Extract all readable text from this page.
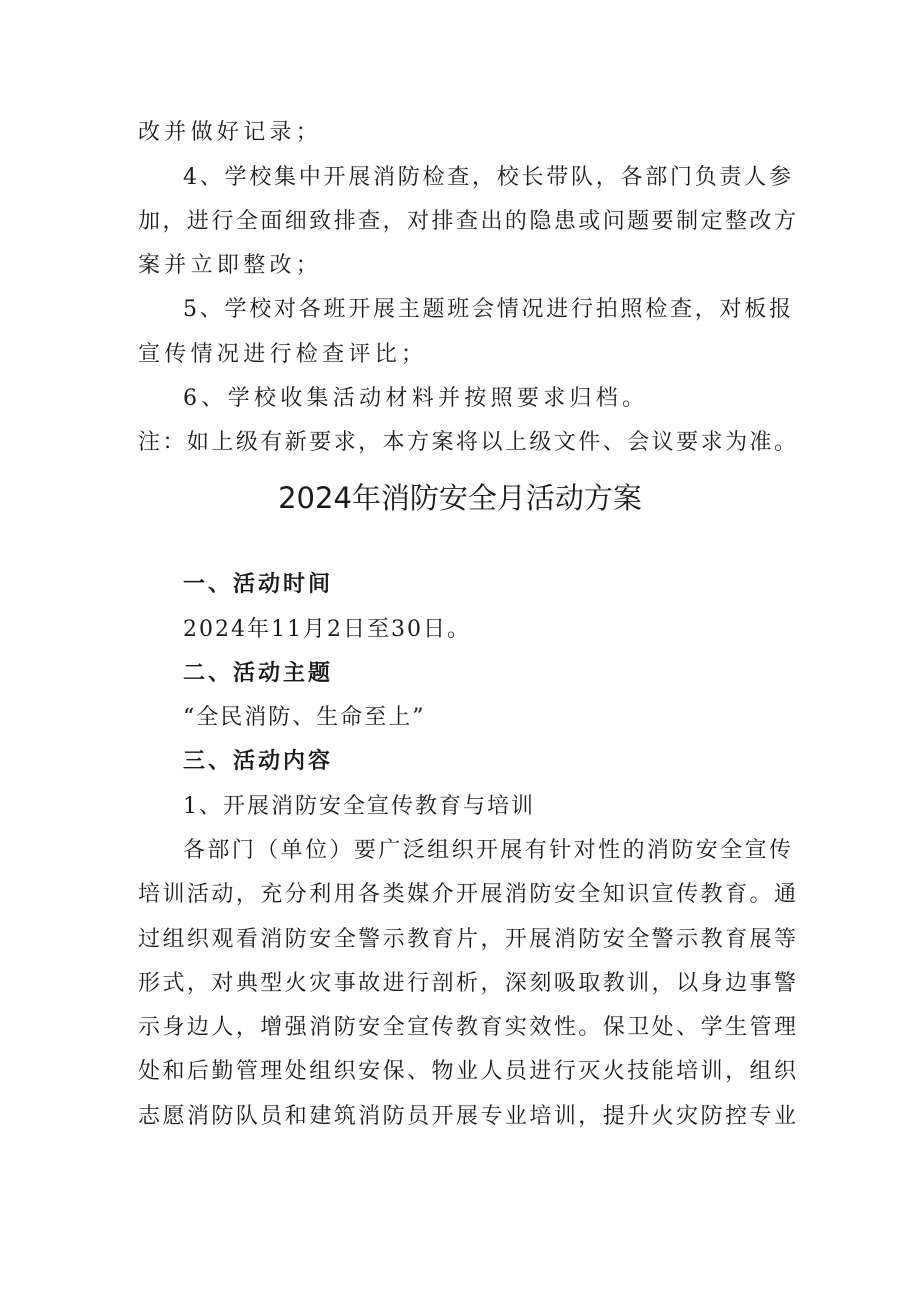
改并做好记录；
4、学校集中开展消防检查，校长带队，各部门负责人参
加，进行全面细致排查，对排查出的隐患或问题要制定整改方
案并立即整改；
5、学校对各班开展主题班会情况进行拍照检查，对板报
宣传情况进行检查评比；
6、学校收集活动材料并按照要求归档。
注：如上级有新要求，本方案将以上级文件、会议要求为准。
2024年消防安全月活动方案
一、活动时间
2024年11月2日至30日。
二、活动主题
“全民消防、生命至上”
三、活动内容
1、开展消防安全宣传教育与培训
各部门（单位）要广泛组织开展有针对性的消防安全宣传
培训活动，充分利用各类媒介开展消防安全知识宣传教育。通
过组织观看消防安全警示教育片，开展消防安全警示教育展等
形式，对典型火灾事故进行剖析，深刻吸取教训，以身边事警
示身边人，增强消防安全宣传教育实效性。保卫处、学生管理
处和后勤管理处组织安保、物业人员进行灭火技能培训，组织
志愿消防队员和建筑消防员开展专业培训，提升火灾防控专业
